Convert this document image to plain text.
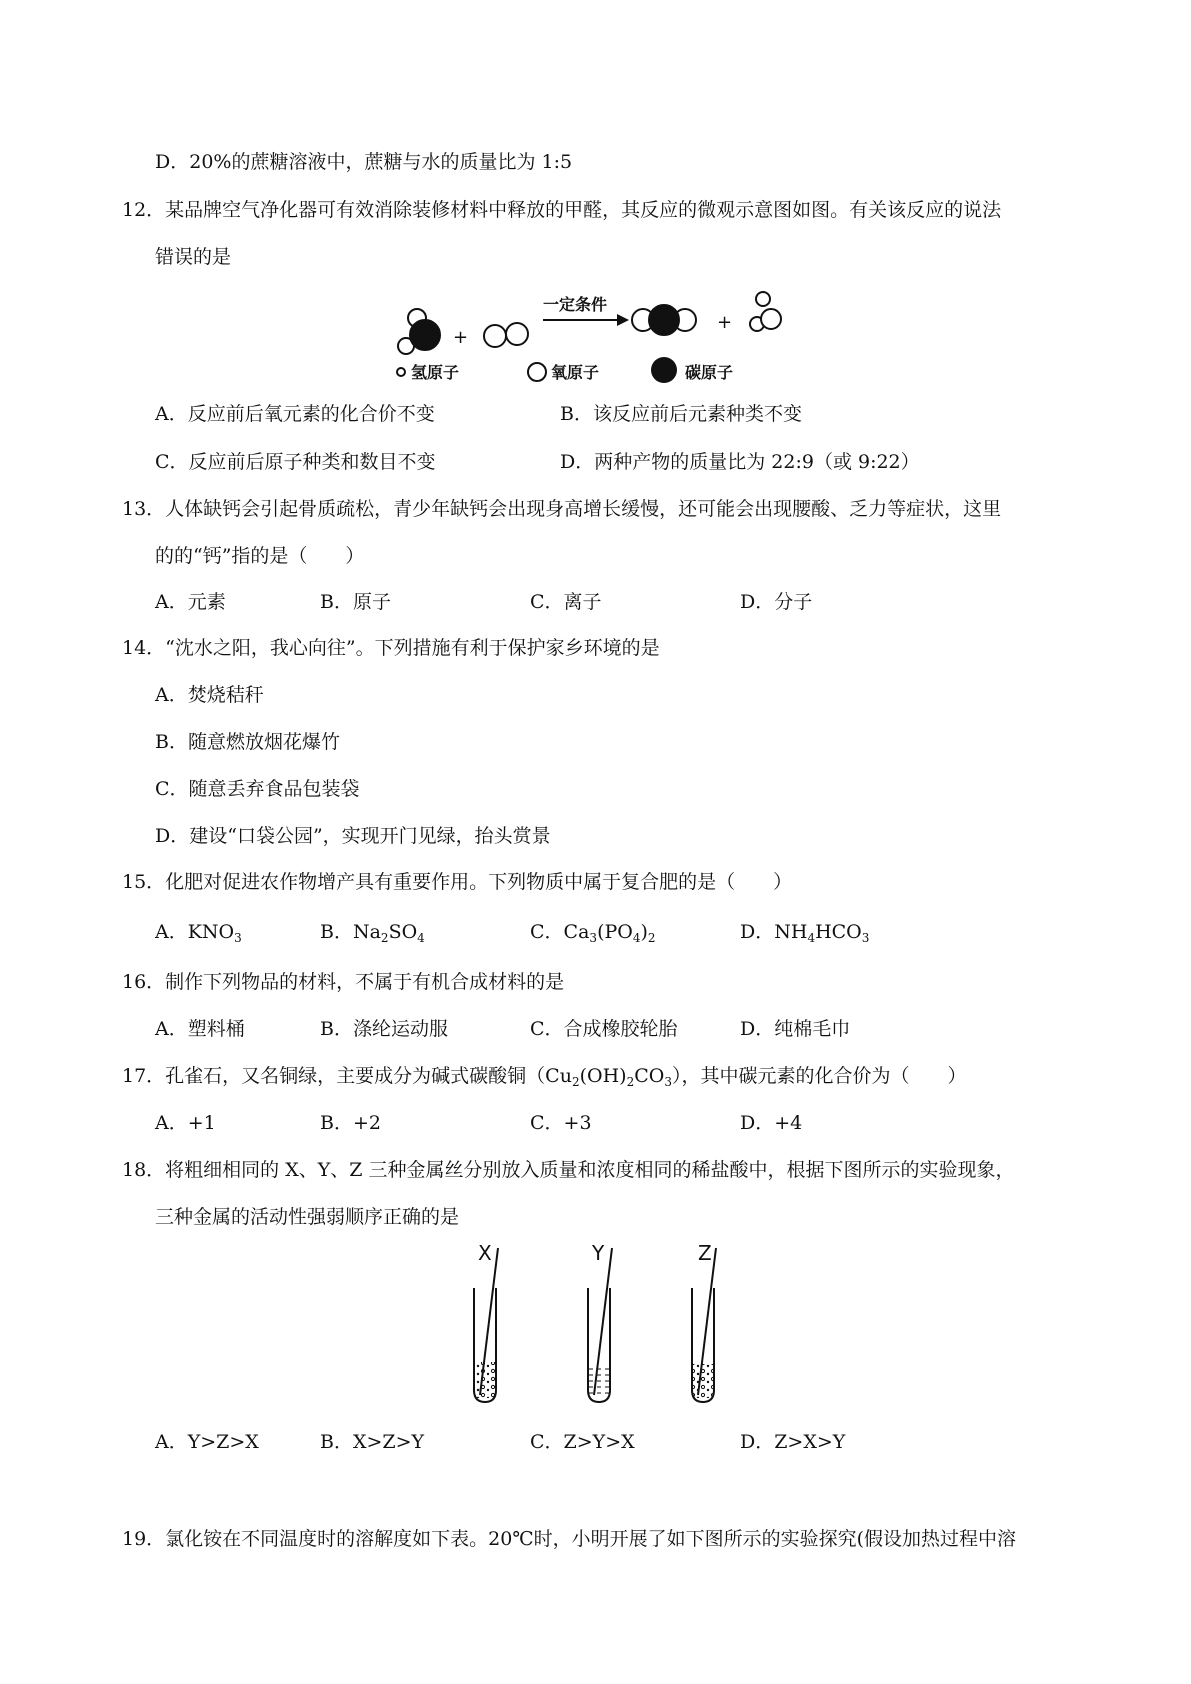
D．20%的蔗糖溶液中，蔗糖与水的质量比为 1:5
12．某品牌空气净化器可有效消除装修材料中释放的甲醛，其反应的微观示意图如图。有关该反应的说法
错误的是
+
一定条件
+
氢原子	氧原子	碳原子
A．反应前后氧元素的化合价不变	B．该反应前后元素种类不变
C．反应前后原子种类和数目不变	D．两种产物的质量比为 22:9（或 9:22）
13．人体缺钙会引起骨质疏松，青少年缺钙会出现身高增长缓慢，还可能会出现腰酸、乏力等症状，这里
的的“钙”指的是（　　）
A．元素	B．原子	C．离子	D．分子
14．“沈水之阳，我心向往”。下列措施有利于保护家乡环境的是
A．焚烧秸秆
B．随意燃放烟花爆竹
C．随意丢弃食品包装袋
D．建设“口袋公园”，实现开门见绿，抬头赏景
15．化肥对促进农作物增产具有重要作用。下列物质中属于复合肥的是（　　）
A．$KNO_3$	B．$Na_2SO_4$	C．$Ca_3(PO_4)_2$	D．$NH_4HCO_3$
16．制作下列物品的材料，不属于有机合成材料的是
A．塑料桶	B．涤纶运动服	C．合成橡胶轮胎	D．纯棉毛巾
17．孔雀石，又名铜绿，主要成分为碱式碳酸铜$(Cu_2(OH)_2CO_3)$，其中碳元素的化合价为（　　）
A．+1	B．+2	C．+3	D．+4
18．将粗细相同的 X、Y、Z 三种金属丝分别放入质量和浓度相同的稀盐酸中，根据下图所示的实验现象，
三种金属的活动性强弱顺序正确的是
X	Y	Z
A．Y>Z>X	B．X>Z>Y	C．Z>Y>X	D．Z>X>Y
19．氯化铵在不同温度时的溶解度如下表。20℃时，小明开展了如下图所示的实验探究(假设加热过程中溶
